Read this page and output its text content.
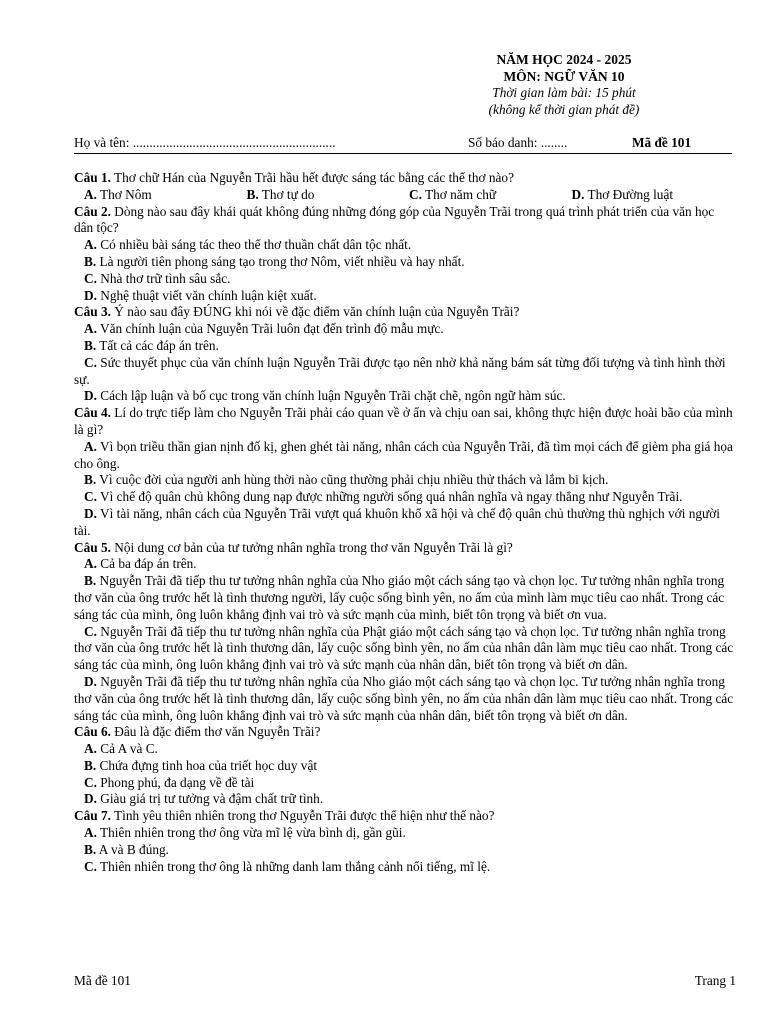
NĂM HỌC 2024 - 2025
MÔN: NGỮ VĂN 10
Thời gian làm bài: 15 phút
(không kể thời gian phát đề)
Họ và tên: .............................................................	Số báo danh: ........	Mã đề 101

Câu 1. Thơ chữ Hán của Nguyễn Trãi hầu hết được sáng tác bằng các thể thơ nào?

A. Thơ Nôm	B. Thơ tự do	C. Thơ năm chữ	D. Thơ Đường luật

Câu 2. Dòng nào sau đây khái quát không đúng những đóng góp của Nguyễn Trãi trong quá trình phát triển của văn học dân tộc?

A. Có nhiều bài sáng tác theo thể thơ thuần chất dân tộc nhất.

B. Là người tiên phong sáng tạo trong thơ Nôm, viết nhiều và hay nhất.

C. Nhà thơ trữ tình sâu sắc.

D. Nghệ thuật viết văn chính luận kiệt xuất.

Câu 3. Ý nào sau đây ĐÚNG khi nói về đặc điểm văn chính luận của Nguyễn Trãi?

A. Văn chính luận của Nguyễn Trãi luôn đạt đến trình độ mẫu mực.

B. Tất cả các đáp án trên.

C. Sức thuyết phục của văn chính luận Nguyễn Trãi được tạo nên nhờ khả năng bám sát từng đối tượng và tình hình thời sự.

D. Cách lập luận và bố cục trong văn chính luận Nguyễn Trãi chặt chẽ, ngôn ngữ hàm súc.

Câu 4. Lí do trực tiếp làm cho Nguyễn Trãi phải cáo quan về ở ẩn và chịu oan sai, không thực hiện được hoài bão của mình là gì?

A. Vì bọn triều thần gian nịnh đố kị, ghen ghét tài năng, nhân cách của Nguyễn Trãi, đã tìm mọi cách để gièm pha giá họa cho ông.

B. Vì cuộc đời của người anh hùng thời nào cũng thường phải chịu nhiều thử thách và lắm bi kịch.

C. Vì chế độ quân chủ không dung nạp được những người sống quá nhân nghĩa và ngay thẳng như Nguyễn Trãi.

D. Vì tài năng, nhân cách của Nguyễn Trãi vượt quá khuôn khổ xã hội và chế độ quân chủ thường thù nghịch với người tài.

Câu 5. Nội dung cơ bản của tư tưởng nhân nghĩa trong thơ văn Nguyễn Trãi là gì?

A. Cả ba đáp án trên.

B. Nguyễn Trãi đã tiếp thu tư tưởng nhân nghĩa của Nho giáo một cách sáng tạo và chọn lọc. Tư tưởng nhân nghĩa trong thơ văn của ông trước hết là tình thương người, lấy cuộc sống bình yên, no ấm của mình làm mục tiêu cao nhất. Trong các sáng tác của mình, ông luôn khẳng định vai trò và sức mạnh của mình, biết tôn trọng và biết ơn vua.

C. Nguyễn Trãi đã tiếp thu tư tưởng nhân nghĩa của Phật giáo một cách sáng tạo và chọn lọc. Tư tưởng nhân nghĩa trong thơ văn của ông trước hết là tình thương dân, lấy cuộc sống bình yên, no ấm của nhân dân làm mục tiêu cao nhất. Trong các sáng tác của mình, ông luôn khẳng định vai trò và sức mạnh của nhân dân, biết tôn trọng và biết ơn dân.

D. Nguyễn Trãi đã tiếp thu tư tưởng nhân nghĩa của Nho giáo một cách sáng tạo và chọn lọc. Tư tưởng nhân nghĩa trong thơ văn của ông trước hết là tình thương dân, lấy cuộc sống bình yên, no ấm của nhân dân làm mục tiêu cao nhất. Trong các sáng tác của mình, ông luôn khẳng định vai trò và sức mạnh của nhân dân, biết tôn trọng và biết ơn dân.

Câu 6. Đâu là đặc điểm thơ văn Nguyễn Trãi?

A. Cả A và C.

B. Chứa đựng tinh hoa của triết học duy vật

C. Phong phú, đa dạng về đề tài

D. Giàu giá trị tư tưởng và đậm chất trữ tình.

Câu 7. Tình yêu thiên nhiên trong thơ Nguyễn Trãi được thể hiện như thế nào?

A. Thiên nhiên trong thơ ông vừa mĩ lệ vừa bình dị, gần gũi.

B. A và B đúng.

C. Thiên nhiên trong thơ ông là những danh lam thắng cảnh nổi tiếng, mĩ lệ.

Mã đề 101	Trang 1
